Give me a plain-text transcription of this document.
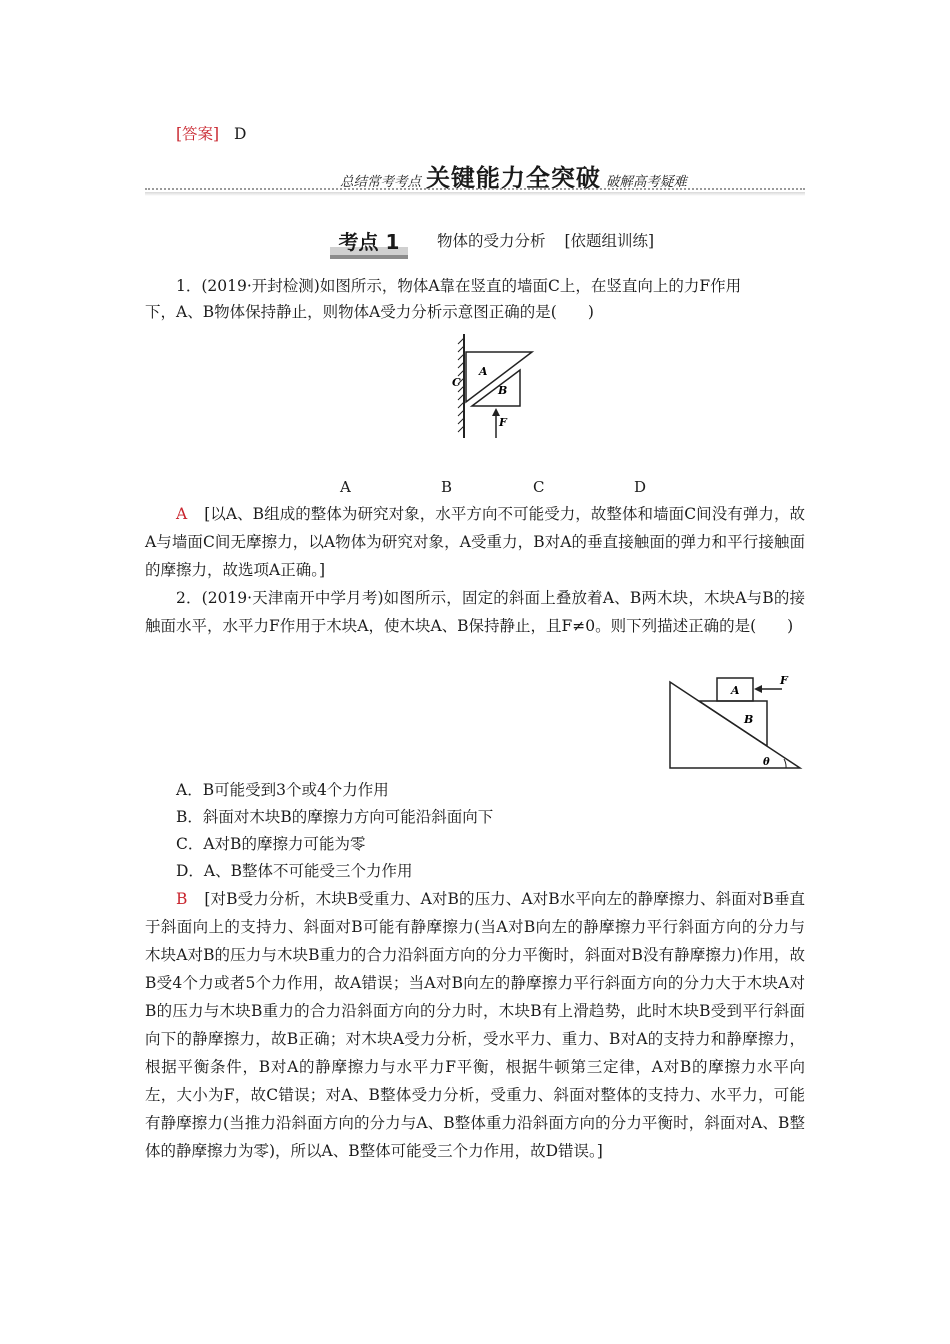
[答案] D
总结常考考点 关键能力全突破 破解高考疑难
考点 1	物体的受力分析 [依题组训练]
1．(2019·开封检测)如图所示，物体A靠在竖直的墙面C上，在竖直向上的力F作用
下，A、B物体保持静止，则物体A受力分析示意图正确的是(　　)
C
A
B
F
A	B	C	D
A [以A、B组成的整体为研究对象，水平方向不可能受力，故整体和墙面C间没有弹力，故A与墙面C间无摩擦力，以A物体为研究对象，A受重力，B对A的垂直接触面的弹力和平行接触面的摩擦力，故选项A正确。]
2．(2019·天津南开中学月考)如图所示，固定的斜面上叠放着A、B两木块，木块A与B的接触面水平，水平力F作用于木块A，使木块A、B保持静止，且F≠0。则下列描述正确的是(　　)
A
B
F
θ
A．B可能受到3个或4个力作用
B．斜面对木块B的摩擦力方向可能沿斜面向下
C．A对B的摩擦力可能为零
D．A、B整体不可能受三个力作用
B [对B受力分析，木块B受重力、A对B的压力、A对B水平向左的静摩擦力、斜面对B垂直于斜面向上的支持力、斜面对B可能有静摩擦力(当A对B向左的静摩擦力平行斜面方向的分力与木块A对B的压力与木块B重力的合力沿斜面方向的分力平衡时，斜面对B没有静摩擦力)作用，故B受4个力或者5个力作用，故A错误；当A对B向左的静摩擦力平行斜面方向的分力大于木块A对B的压力与木块B重力的合力沿斜面方向的分力时，木块B有上滑趋势，此时木块B受到平行斜面向下的静摩擦力，故B正确；对木块A受力分析，受水平力、重力、B对A的支持力和静摩擦力，根据平衡条件，B对A的静摩擦力与水平力F平衡，根据牛顿第三定律，A对B的摩擦力水平向左，大小为F，故C错误；对A、B整体受力分析，受重力、斜面对整体的支持力、水平力，可能有静摩擦力(当推力沿斜面方向的分力与A、B整体重力沿斜面方向的分力平衡时，斜面对A、B整体的静摩擦力为零)，所以A、B整体可能受三个力作用，故D错误。]
